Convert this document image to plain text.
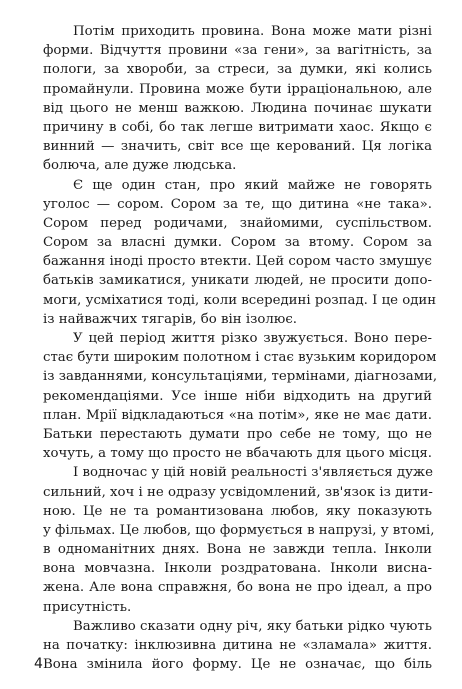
Потім приходить провина. Вона може мати різні
форми. Відчуття провини «за гени», за вагітність, за
пологи, за хвороби, за стреси, за думки, які колись
промайнули. Провина може бути ірраціональною, але
від цього не менш важкою. Людина починає шукати
причину в собі, бо так легше витримати хаос. Якщо є
винний — значить, світ все ще керований. Ця логіка
болюча, але дуже людська.
Є ще один стан, про який майже не говорять
уголос — сором. Сором за те, що дитина «не така».
Сором перед родичами, знайомими, суспільством.
Сором за власні думки. Сором за втому. Сором за
бажання іноді просто втекти. Цей сором часто змушує
батьків замикатися, уникати людей, не просити допо-
моги, усміхатися тоді, коли всередині розпад. І це один
із найважчих тягарів, бо він ізолює.
У цей період життя різко звужується. Воно пере-
стає бути широким полотном і стає вузьким коридором
із завданнями, консультаціями, термінами, діагнозами,
рекомендаціями. Усе інше ніби відходить на другий
план. Мрії відкладаються «на потім», яке не має дати.
Батьки перестають думати про себе не тому, що не
хочуть, а тому що просто не вбачають для цього місця.
І водночас у цій новій реальності з'являється дуже
сильний, хоч і не одразу усвідомлений, зв'язок із дити-
ною. Це не та романтизована любов, яку показують
у фільмах. Це любов, що формується в напрузі, у втомі,
в одноманітних днях. Вона не завжди тепла. Інколи
вона мовчазна. Інколи роздратована. Інколи висна-
жена. Але вона справжня, бо вона не про ідеал, а про
присутність.
Важливо сказати одну річ, яку батьки рідко чують
на початку: інклюзивна дитина не «зламала» життя.
Вона змінила його форму. Це не означає, що біль
4
